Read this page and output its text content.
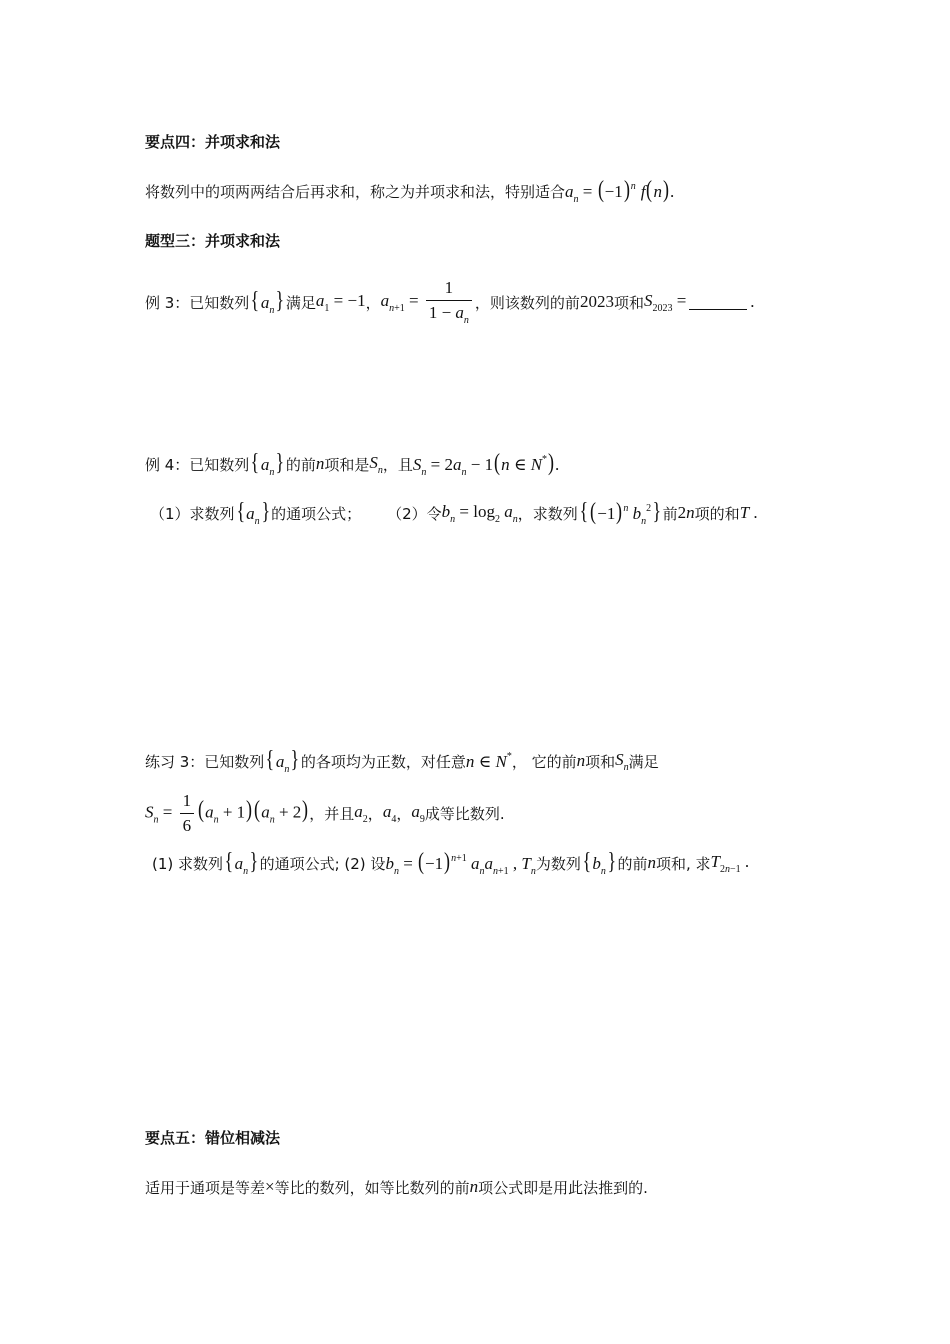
要点四：并项求和法
将数列中的项两两结合后再求和，称之为并项求和法，特别适合 $a_n = (-1)^n$ f(n).
题型三：并项求和法
例 3：已知数列 $\{a_n\}$ 满足 $a_1 = -1$ ， $a_{n+1} = \frac{1}{1 - a_n}$ ，则该数列的前 2023 项和 $S_{2023}$ =	.
例 4：已知数列 $\{a_n\}$ 的前 n 项和是 $S_n$ ，且 $S_n = 2a_n - 1(n$ ∈ N*).
（1）求数列 $\{a_n\}$ 的通项公式； （2）令 $b_n = \log_2 a_n$ ，求数列 { $(-1)^n$ $b_n^2$} 前 2n 项的和 T .
练习 3：已知数列 $\{a_n\}$ 的各项均为正数，对任意 n ∈ N* ， 它的前 n 项和 $S_n$ 满足
$S_n = \frac{1}{6} (a_n + 1)(a_n + 2)$ ，并且 $a_2$ ， $a_4$ ， $a_9$ 成等比数列.
(1) 求数列 $\{a_n\}$ 的通项公式; (2) 设 $b_n = (-1)^{n+1}$ $a_na_{n+1}$ , $T_n$ 为数列 $\{b_n\}$ 的前 n 项和, 求 $T_{2n-1}$ .
要点五：错位相减法
适用于通项是等差 × 等比的数列，如等比数列的前 n 项公式即是用此法推到的.
